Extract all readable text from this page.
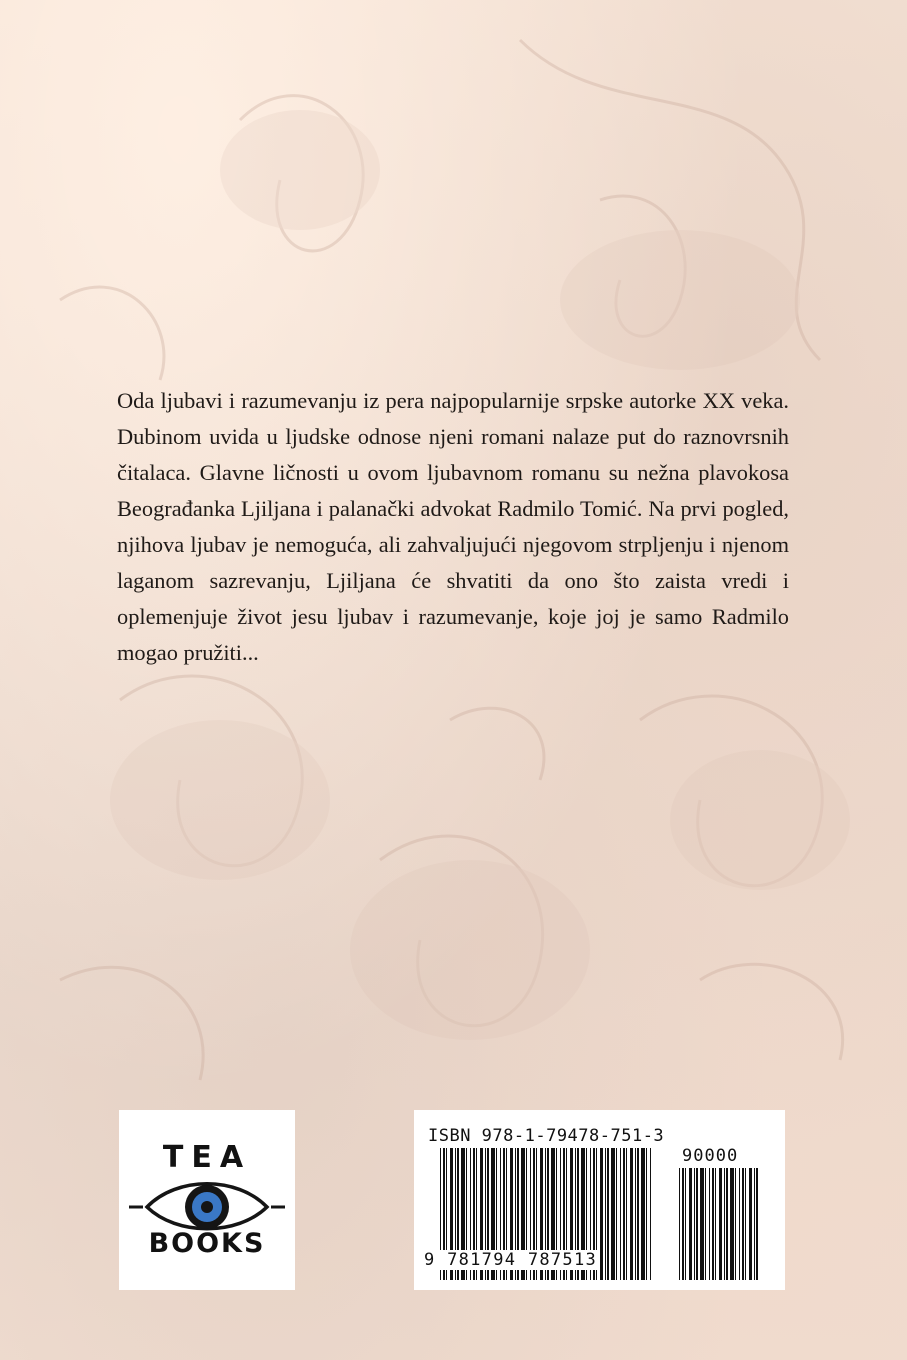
Oda ljubavi i razumevanju iz pera najpopularnije srpske autorke XX veka. Dubinom uvida u ljudske odnose njeni romani nalaze put do raznovrsnih čitalaca. Glavne ličnosti u ovom ljubavnom romanu su nežna plavokosa Beograđanka Ljiljana i palanački advokat Radmilo Tomić. Na prvi pogled, njihova ljubav je nemoguća, ali zahvaljujući njegovom strpljenju i njenom laganom sazrevanju, Ljiljana će shvatiti da ono što zaista vredi i oplemenjuje život jesu ljubav i razumevanje, koje joj je samo Radmilo mogao pružiti...

TEA
BOOKS
ISBN 978-1-79478-751-3
90000
9 781794 787513
